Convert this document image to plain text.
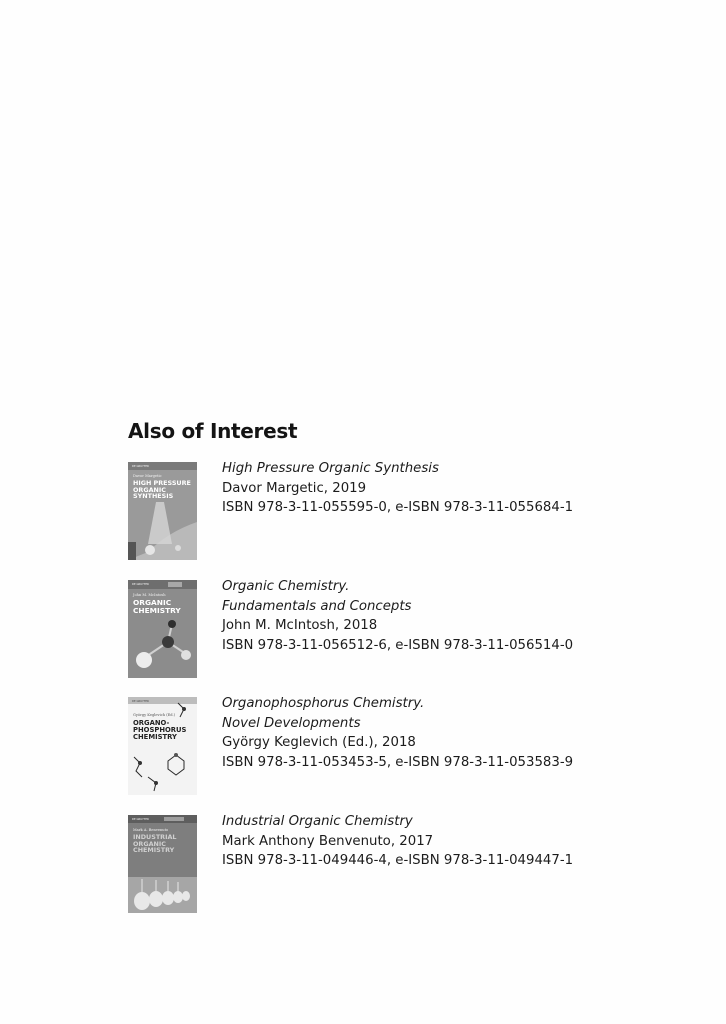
Also of Interest
DE GRUYTER
Davor Margetic
HIGH PRESSURE
ORGANIC
SYNTHESIS
High Pressure Organic Synthesis
Davor Margetic, 2019
ISBN 978-3-11-055595-0, e-ISBN 978-3-11-055684-1
DE GRUYTER
John M. McIntosh
ORGANIC
CHEMISTRY
Organic Chemistry.
Fundamentals and Concepts
John M. McIntosh, 2018
ISBN 978-3-11-056512-6, e-ISBN 978-3-11-056514-0
DE GRUYTER
György Keglevich (Ed.)
ORGANO-
PHOSPHORUS
CHEMISTRY
Organophosphorus Chemistry.
Novel Developments
György Keglevich (Ed.), 2018
ISBN 978-3-11-053453-5, e-ISBN 978-3-11-053583-9
DE GRUYTER
Mark A. Benvenuto
INDUSTRIAL
ORGANIC
CHEMISTRY
Industrial Organic Chemistry
Mark Anthony Benvenuto, 2017
ISBN 978-3-11-049446-4, e-ISBN 978-3-11-049447-1
